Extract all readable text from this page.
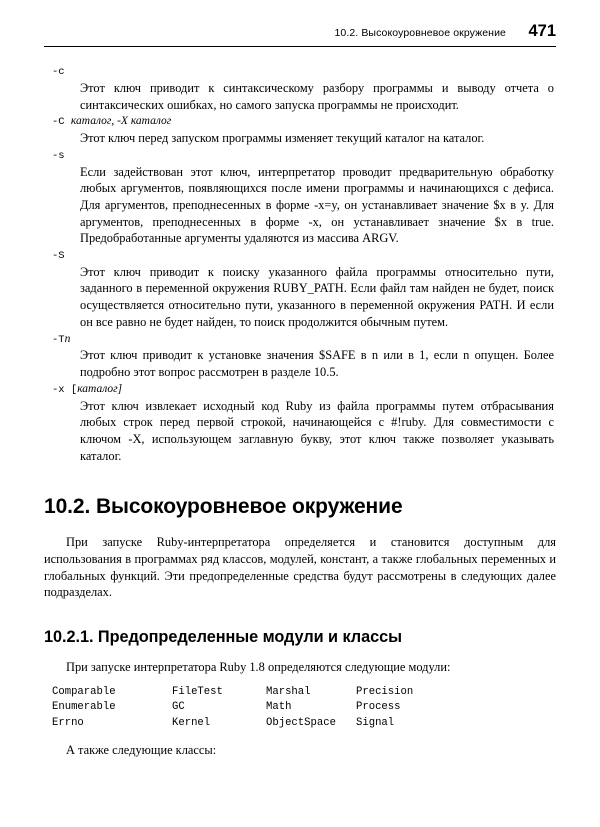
10.2. Высокоуровневое окружение	471
-c
Этот ключ приводит к синтаксическому разбору программы и выводу отчета о синтаксических ошибках, но самого запуска программы не происходит.
-C каталог, -X каталог
Этот ключ перед запуском программы изменяет текущий каталог на каталог.
-s
Если задействован этот ключ, интерпретатор проводит предварительную обработку любых аргументов, появляющихся после имени программы и начинающихся с дефиса. Для аргументов, преподнесенных в форме -x=y, он устанавливает значение $x в y. Для аргументов, преподнесенных в форме -x, он устанавливает значение $x в true. Предобработанные аргументы удаляются из массива ARGV.
-S
Этот ключ приводит к поиску указанного файла программы относительно пути, заданного в переменной окружения RUBY_PATH. Если файл там найден не будет, поиск осуществляется относительно пути, указанного в переменной окружения PATH. И если он все равно не будет найден, то поиск продолжится обычным путем.
-Tn
Этот ключ приводит к установке значения $SAFE в n или в 1, если n опущен. Более подробно этот вопрос рассмотрен в разделе 10.5.
-x [каталог]
Этот ключ извлекает исходный код Ruby из файла программы путем отбрасывания любых строк перед первой строкой, начинающейся с #!ruby. Для совместимости с ключом -X, использующем заглавную букву, этот ключ также позволяет указывать каталог.
10.2. Высокоуровневое окружение

При запуске Ruby-интерпретатора определяется и становится доступным для использования в программах ряд классов, модулей, констант, а также глобальных переменных и глобальных функций. Эти предопределенные средства будут рассмотрены в следующих далее подразделах.

10.2.1. Предопределенные модули и классы

При запуске интерпретатора Ruby 1.8 определяются следующие модули:

Comparable	FileTest	Marshal	Precision
Enumerable	GC	Math	Process
Errno	Kernel	ObjectSpace	Signal

А также следующие классы:
